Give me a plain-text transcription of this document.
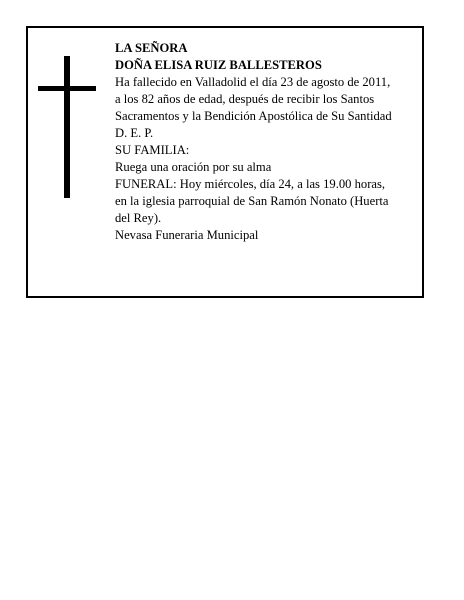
LA SEÑORA
DOÑA ELISA RUIZ BALLESTEROS
Ha fallecido en Valladolid el día 23 de agosto de 2011,
a los 82 años de edad, después de recibir los Santos
Sacramentos y la Bendición Apostólica de Su Santidad
D. E. P.
SU FAMILIA:
Ruega una oración por su alma
FUNERAL: Hoy miércoles, día 24, a las 19.00 horas,
en la iglesia parroquial de San Ramón Nonato (Huerta
del Rey).
Nevasa Funeraria Municipal
